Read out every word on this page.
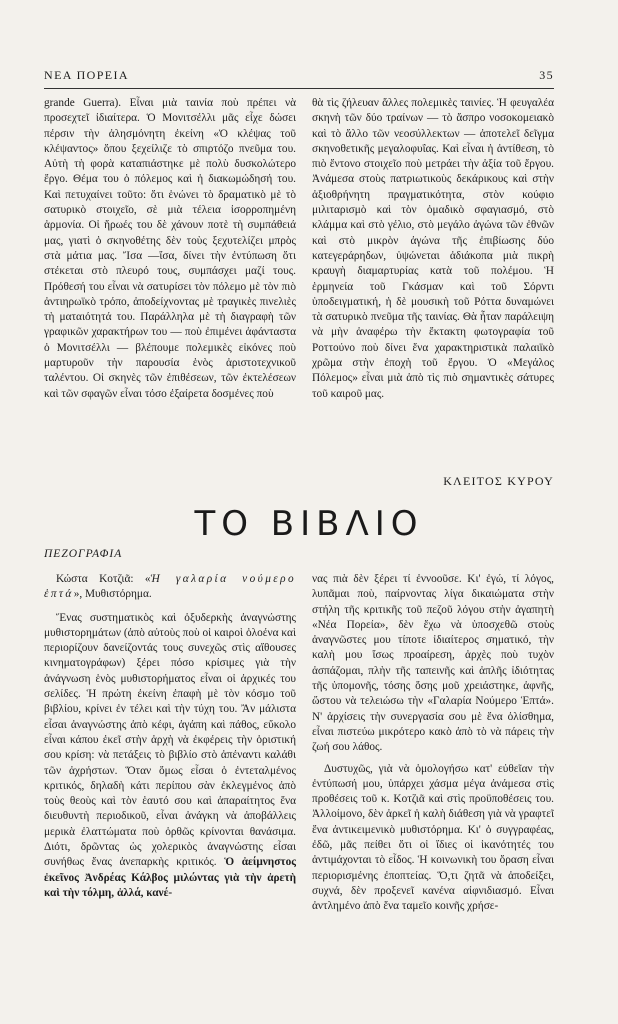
ΝΕΑ ΠΟΡΕΙΑ	35

grande Guerra). Εἶναι μιὰ ταινία ποὺ πρέπει νὰ προσεχτεῖ ἰδιαίτερα. Ὁ Μονιτσέλλι μᾶς εἶχε δώσει πέρσιν τὴν ἀλησμόνητη ἐκείνη «Ὁ κλέψας τοῦ κλέψαντος» ὅπου ξεχείλιζε τὸ σπιρτόζο πνεῦμα του. Αὐτὴ τὴ φορὰ καταπιάστηκε μὲ πολὺ δυσκολώτερο ἔργο. Θέμα του ὁ πόλεμος καὶ ἡ διακωμώδησή του. Καὶ πετυχαίνει τοῦτο: ὅτι ἑνώνει τὸ δραματικὸ μὲ τὸ σατυρικὸ στοιχεῖο, σὲ μιὰ τέλεια ἰσορροπημένη ἁρμονία. Οἱ ἥρωές του δὲ χάνουν ποτὲ τὴ συμπάθειά μας, γιατὶ ὁ σκηνοθέτης δὲν τοὺς ξεχυτελίζει μπρὸς στὰ μάτια μας. Ἴσα —ἴσα, δίνει τὴν ἐντύπωση ὅτι στέκεται στὸ πλευρό τους, συμπάσχει μαζί τους. Πρόθεσή του εἶναι νὰ σατυρίσει τὸν πόλεμο μὲ τὸν πιὸ ἀντιηρωϊκὸ τρόπο, ἀποδείχνοντας μὲ τραγικὲς πινελιὲς τὴ ματαιότητά του. Παράλληλα μὲ τὴ διαγραφὴ τῶν γραφικῶν χαρακτήρων του — ποὺ ἐπιμένει ἀφάνταστα ὁ Μονιτσέλλι — βλέπουμε πολεμικὲς εἰκόνες ποὺ μαρτυροῦν τὴν παρουσία ἑνὸς ἀριστοτεχνικοῦ ταλέντου. Οἱ σκηνὲς τῶν ἐπιθέσεων, τῶν ἐκτελέσεων καὶ τῶν σφαγῶν εἶναι τόσο ἐξαίρετα δοσμένες ποὺ

θὰ τὶς ζήλευαν ἄλλες πολεμικὲς ταινίες. Ἡ φευγαλέα σκηνὴ τῶν δύο τραίνων — τὸ ἄσπρο νοσοκομειακὸ καὶ τὸ ἄλλο τῶν νεοσύλλεκτων — ἀποτελεῖ δεῖγμα σκηνοθετικῆς μεγαλοφυΐας. Καὶ εἶναι ἡ ἀντίθεση, τὸ πιὸ ἔντονο στοιχεῖο ποὺ μετράει τὴν ἀξία τοῦ ἔργου. Ἀνάμεσα στοὺς πατριωτικοὺς δεκάρικους καὶ στὴν ἀξιοθρήνητη πραγματικότητα, στὸν κούφιο μιλιταρισμὸ καὶ τὸν ὁμαδικὸ σφαγιασμό, στὸ κλάμμα καὶ στὸ γέλιο, στὸ μεγάλο ἀγώνα τῶν ἐθνῶν καὶ στὸ μικρὸν ἀγώνα τῆς ἐπιβίωσης δύο κατεγεράρηδων, ὑψώνεται ἀδιάκοπα μιὰ πικρὴ κραυγὴ διαμαρτυρίας κατὰ τοῦ πολέμου. Ἡ ἑρμηνεία τοῦ Γκάσμαν καὶ τοῦ Σόρντι ὑποδειγματική, ἡ δὲ μουσικὴ τοῦ Ρόττα δυναμώνει τὰ σατυρικὸ πνεῦμα τῆς ταινίας. Θὰ ἦταν παράλειψη νὰ μὴν ἀναφέρω τὴν ἔκτακτη φωτογραφία τοῦ Ροττούνο ποὺ δίνει ἕνα χαρακτηριστικὰ παλαιϊκὸ χρῶμα στὴν ἐποχὴ τοῦ ἔργου. Ὁ «Μεγάλος Πόλεμος» εἶναι μιὰ ἀπὸ τὶς πιὸ σημαντικὲς σάτυρες τοῦ καιροῦ μας.

ΚΛΕΙΤΟΣ ΚΥΡΟΥ
ΤΟ ΒΙΒΛΙΟ
ΠΕΖΟΓΡΑΦΙΑ

Κώστα Κοτζιᾶ: «Ἡ γαλαρία νούμερο ἑπτά», Μυθιστόρημα.

Ἕνας συστηματικὸς καὶ ὀξυδερκὴς ἀναγνώστης μυθιστορημάτων (ἀπὸ αὐτοὺς ποὺ οἱ καιροὶ ὁλοένα καὶ περιορίζουν δανείζοντάς τους συνεχῶς στὶς αἴθουσες κινηματογράφων) ξέρει πόσο κρίσιμες γιὰ τὴν ἀνάγνωση ἑνὸς μυθιστορήματος εἶναι οἱ ἀρχικές του σελίδες. Ἡ πρώτη ἐκείνη ἐπαφὴ μὲ τὸν κόσμο τοῦ βιβλίου, κρίνει ἐν τέλει καὶ τὴν τύχη του. Ἂν μάλιστα εἶσαι ἀναγνώστης ἀπὸ κέφι, ἀγάπη καὶ πάθος, εὔκολο εἶναι κάπου ἐκεῖ στὴν ἀρχὴ νὰ ἐκφέρεις τὴν ὁριστική σου κρίση: νὰ πετάξεις τὸ βιβλίο στὸ ἀπέναντι καλάθι τῶν ἀχρήστων. Ὅταν ὅμως εἶσαι ὁ ἐντεταλμένος κριτικός, δηλαδὴ κάτι περίπου σὰν ἐκλεγμένος ἀπὸ τοὺς θεοὺς καὶ τὸν ἑαυτό σου καὶ ἀπαραίτητος ἕνα διευθυντὴ περιοδικοῦ, εἶναι ἀνάγκη νὰ ἀποβάλλεις μερικὰ ἐλαττώματα ποὺ ὀρθῶς κρίνονται θανάσιμα. Διότι, δρῶντας ὡς χολερικὸς ἀναγνώστης εἶσαι συνήθως ἕνας ἀνεπαρκὴς κριτικός. Ὁ ἀείμνηστος ἐκεῖνος Ἀνδρέας Κάλβος μιλώντας γιὰ τὴν ἀρετὴ καὶ τὴν τόλμη, ἀλλά, κανέ-

νας πιὰ δὲν ξέρει τί ἐννοοῦσε. Κι' ἐγώ, τί λόγος, λυπᾶμαι ποὺ, παίρνοντας λίγα δικαιώματα στὴν στήλη τῆς κριτικῆς τοῦ πεζοῦ λόγου στὴν ἀγαπητὴ «Νέα Πορεία», δὲν ἔχω νὰ ὑποσχεθῶ στοὺς ἀναγνῶστες μου τίποτε ἰδιαίτερος σηματικό, τὴν καλὴ μου ἴσως προαίρεση, ἀρχὲς ποὺ τυχὸν ἀσπάζομαι, πλὴν τῆς ταπεινῆς καὶ ἁπλῆς ἰδιότητας τῆς ὑπομονῆς, τόσης ὅσης μοῦ χρειάστηκε, ἀφνῆς, ὥστου νὰ τελειώσω τὴν «Γαλαρία Νούμερο Ἑπτά». Ν' ἀρχίσεις τὴν συνεργασία σου μὲ ἕνα ὀλίσθημα, εἶναι πιστεύω μικρότερο κακὸ ἀπὸ τὸ νὰ πάρεις τὴν ζωή σου λάθος.

Δυστυχῶς, γιὰ νὰ ὁμολογήσω κατ' εὐθεῖαν τὴν ἐντύπωσή μου, ὑπάρχει χάσμα μέγα ἀνάμεσα στὶς προθέσεις τοῦ κ. Κοτζιᾶ καὶ στὶς προϋποθέσεις του. Ἀλλοίμονο, δὲν ἀρκεῖ ἡ καλὴ διάθεση γιὰ νὰ γραφτεῖ ἕνα ἀντικειμενικὸ μυθιστόρημα. Κι' ὁ συγγραφέας, ἐδῶ, μᾶς πείθει ὅτι οἱ ἴδιες οἱ ἱκανότητές του ἀντιμάχονται τὸ εἶδος. Ἡ κοινωνικὴ του ὅραση εἶναι περιορισμένης ἐποπτείας. Ὅ,τι ζητᾶ νὰ ἀποδείξει, συχνά, δὲν προξενεῖ κανένα αἰφνιδιασμό. Εἶναι ἀντλημένο ἀπὸ ἕνα ταμεῖο κοινῆς χρήσε-
